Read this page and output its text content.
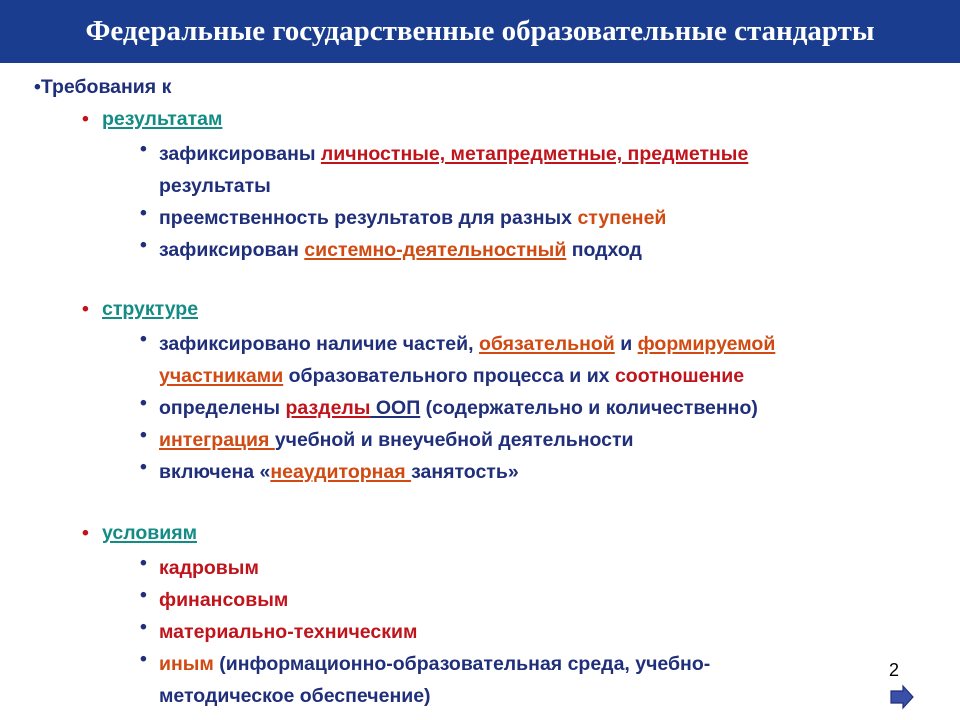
Федеральные государственные образовательные стандарты
•Требования к
• результатам
• зафиксированы личностные, метапредметные, предметные
результаты
• преемственность результатов для разных ступеней
• зафиксирован системно-деятельностный подход
• структуре
• зафиксировано наличие частей, обязательной и формируемой
участниками образовательного процесса и их соотношение
• определены разделы ООП (содержательно и количественно)
• интеграция учебной и внеучебной деятельности
• включена «неаудиторная занятость»
• условиям
• кадровым
• финансовым
• материально-техническим
• иным (информационно-образовательная среда, учебно-
методическое обеспечение)
2
